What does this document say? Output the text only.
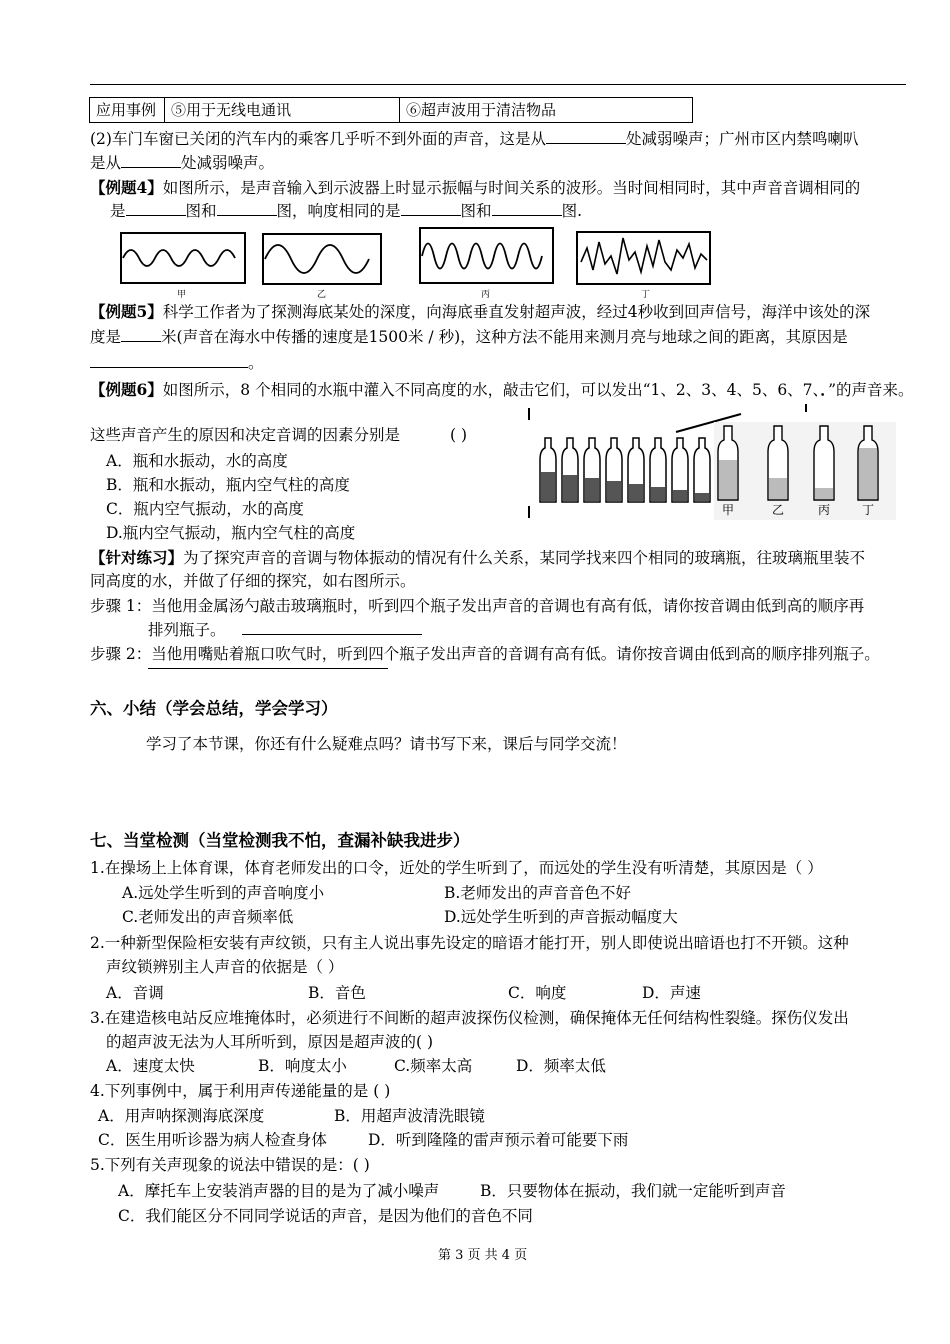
应用事例	⑤用于无线电通讯	⑥超声波用于清洁物品
(2)车门车窗已关闭的汽车内的乘客几乎听不到外面的声音，这是从	处减弱噪声；广州市区内禁鸣喇叭
是从	处减弱噪声。
【例题4】如图所示，是声音输入到示波器上时显示振幅与时间关系的波形。当时间相同时，其中声音音调相同的
是	图和	图，响度相同的是	图和	图.
甲	乙	丙	丁
【例题5】科学工作者为了探测海底某处的深度，向海底垂直发射超声波，经过4秒收到回声信号，海洋中该处的深
度是	米(声音在海水中传播的速度是1500米 / 秒)，这种方法不能用来测月亮与地球之间的距离，其原因是
。
【例题6】如图所示，8 个相同的水瓶中灌入不同高度的水，敲击它们，可以发出“1、2、3、4、5、6、7、．”的声音来。
这些声音产生的原因和决定音调的因素分别是	( )
A．瓶和水振动，水的高度
B．瓶和水振动，瓶内空气柱的高度
C．瓶内空气振动，水的高度
D.瓶内空气振动，瓶内空气柱的高度
甲	乙	丙	丁
【针对练习】为了探究声音的音调与物体振动的情况有什么关系，某同学找来四个相同的玻璃瓶，往玻璃瓶里装不
同高度的水，并做了仔细的探究，如右图所示。
步骤 1：当他用金属汤勺敲击玻璃瓶时，听到四个瓶子发出声音的音调也有高有低，请你按音调由低到高的顺序再
排列瓶子。
步骤 2：当他用嘴贴着瓶口吹气时，听到四个瓶子发出声音的音调有高有低。请你按音调由低到高的顺序排列瓶子。
六、小结（学会总结，学会学习）
学习了本节课，你还有什么疑难点吗？请书写下来，课后与同学交流！
七、当堂检测（当堂检测我不怕，查漏补缺我进步）
1.在操场上上体育课，体育老师发出的口令，近处的学生听到了，而远处的学生没有听清楚，其原因是（ ）
A.远处学生听到的声音响度小	B.老师发出的声音音色不好
C.老师发出的声音频率低	D.远处学生听到的声音振动幅度大
2.一种新型保险柜安装有声纹锁，只有主人说出事先设定的暗语才能打开，别人即使说出暗语也打不开锁。这种
声纹锁辨别主人声音的依据是（ ）
A．音调	B．音色	C．响度	D．声速
3.在建造核电站反应堆掩体时，必须进行不间断的超声波探伤仪检测，确保掩体无任何结构性裂缝。探伤仪发出
的超声波无法为人耳所听到，原因是超声波的( )
A．速度太快	B．响度太小	C.频率太高	D．频率太低
4.下列事例中，属于利用声传递能量的是 ( )
A．用声呐探测海底深度	B．用超声波清洗眼镜
C．医生用听诊器为病人检查身体	D．听到隆隆的雷声预示着可能要下雨
5.下列有关声现象的说法中错误的是：( )
A．摩托车上安装消声器的目的是为了减小噪声	B．只要物体在振动，我们就一定能听到声音
C．我们能区分不同同学说话的声音，是因为他们的音色不同
第 3 页 共 4 页
